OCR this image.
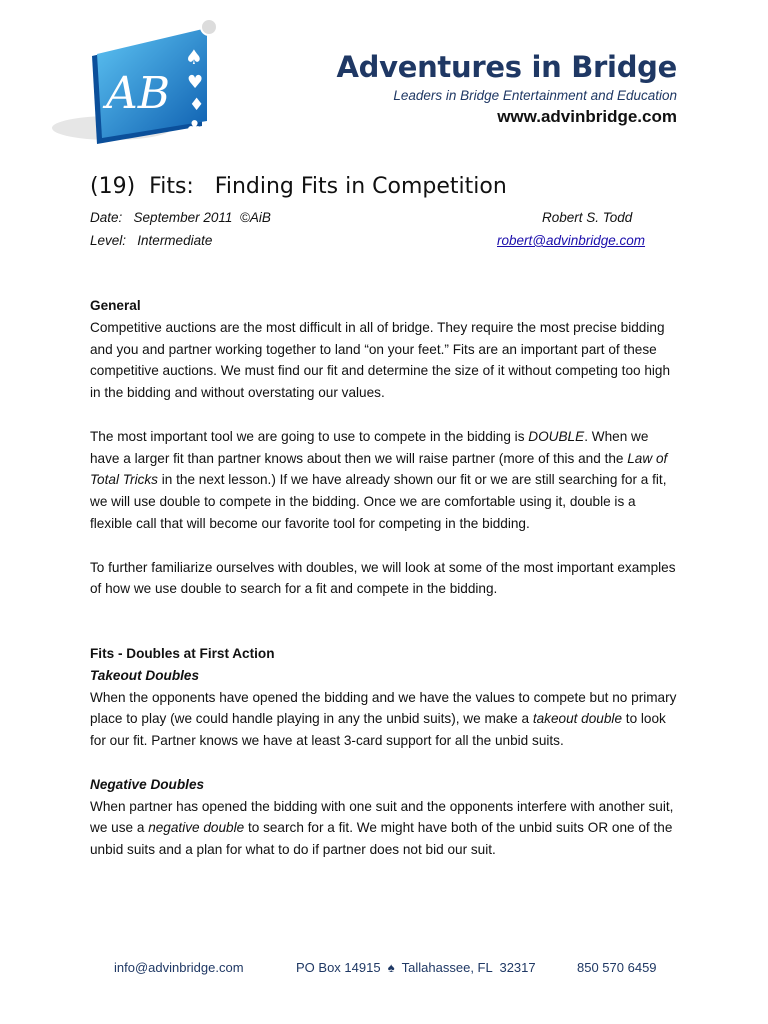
AB
♠
♥
♦
♣
Adventures in Bridge
Leaders in Bridge Entertainment and Education
www.advinbridge.com
(19)  Fits:   Finding Fits in Competition
Date: September 2011  ©AiB
Level: Intermediate
Robert S. Todd
robert@advinbridge.com

General

Competitive auctions are the most difficult in all of bridge. They require the most precise bidding and you and partner working together to land “on your feet.” Fits are an important part of these competitive auctions. We must find our fit and determine the size of it without competing too high in the bidding and without overstating our values.

The most important tool we are going to use to compete in the bidding is DOUBLE. When we have a larger fit than partner knows about then we will raise partner (more of this and the Law of Total Tricks in the next lesson.) If we have already shown our fit or we are still searching for a fit, we will use double to compete in the bidding. Once we are comfortable using it, double is a flexible call that will become our favorite tool for competing in the bidding.

To further familiarize ourselves with doubles, we will look at some of the most important examples of how we use double to search for a fit and compete in the bidding.

Fits - Doubles at First Action

Takeout Doubles

When the opponents have opened the bidding and we have the values to compete but no primary place to play (we could handle playing in any the unbid suits), we make a takeout double to look for our fit. Partner knows we have at least 3-card support for all the unbid suits.

Negative Doubles

When partner has opened the bidding with one suit and the opponents interfere with another suit, we use a negative double to search for a fit. We might have both of the unbid suits OR one of the unbid suits and a plan for what to do if partner does not bid our suit.

info@advinbridge.com	PO Box 14915  ♠  Tallahassee, FL  32317	850 570 6459
